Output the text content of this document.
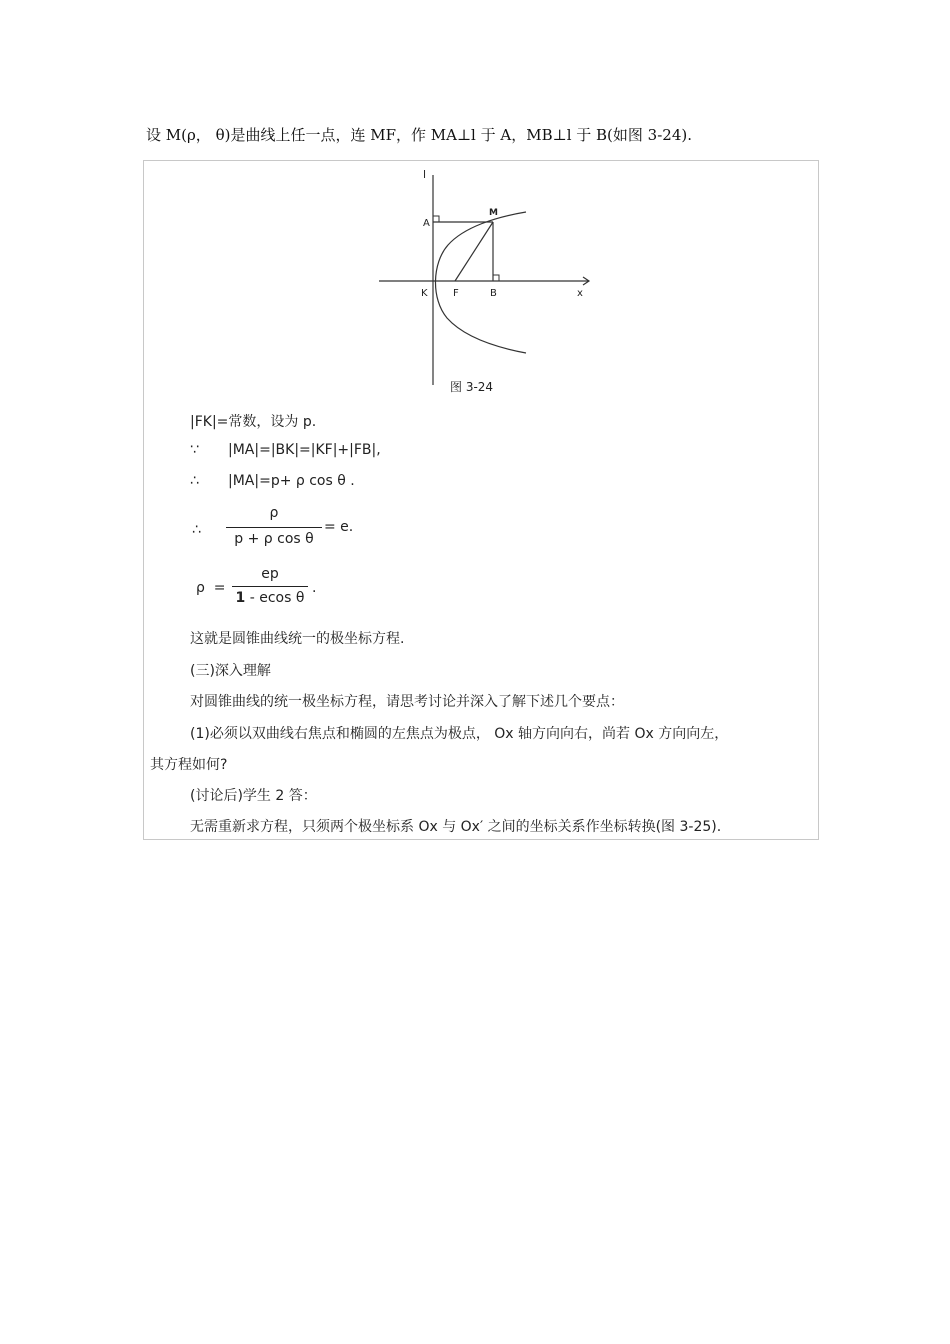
设 M(ρ， θ)是曲线上任一点，连 MF，作 MA⊥l 于 A，MB⊥l 于 B(如图 3-24).
l
A
M
K	F	B	x
图 3-24
|FK|=常数，设为 p.
∵ |MA|=|BK|=|KF|+|FB|,
∴ |MA|=p+ ρ cos θ .
∴
ρ
p + ρ cos θ
= e.
ρ  =
ep
1 - ecos θ
.
这就是圆锥曲线统一的极坐标方程.
(三)深入理解
对圆锥曲线的统一极坐标方程，请思考讨论并深入了解下述几个要点：
(1)必须以双曲线右焦点和椭圆的左焦点为极点， Ox 轴方向向右，尚若 Ox 方向向左，
其方程如何?
(讨论后)学生 2 答：
无需重新求方程，只须两个极坐标系 Ox 与 Ox′ 之间的坐标关系作坐标转换(图 3-25).
